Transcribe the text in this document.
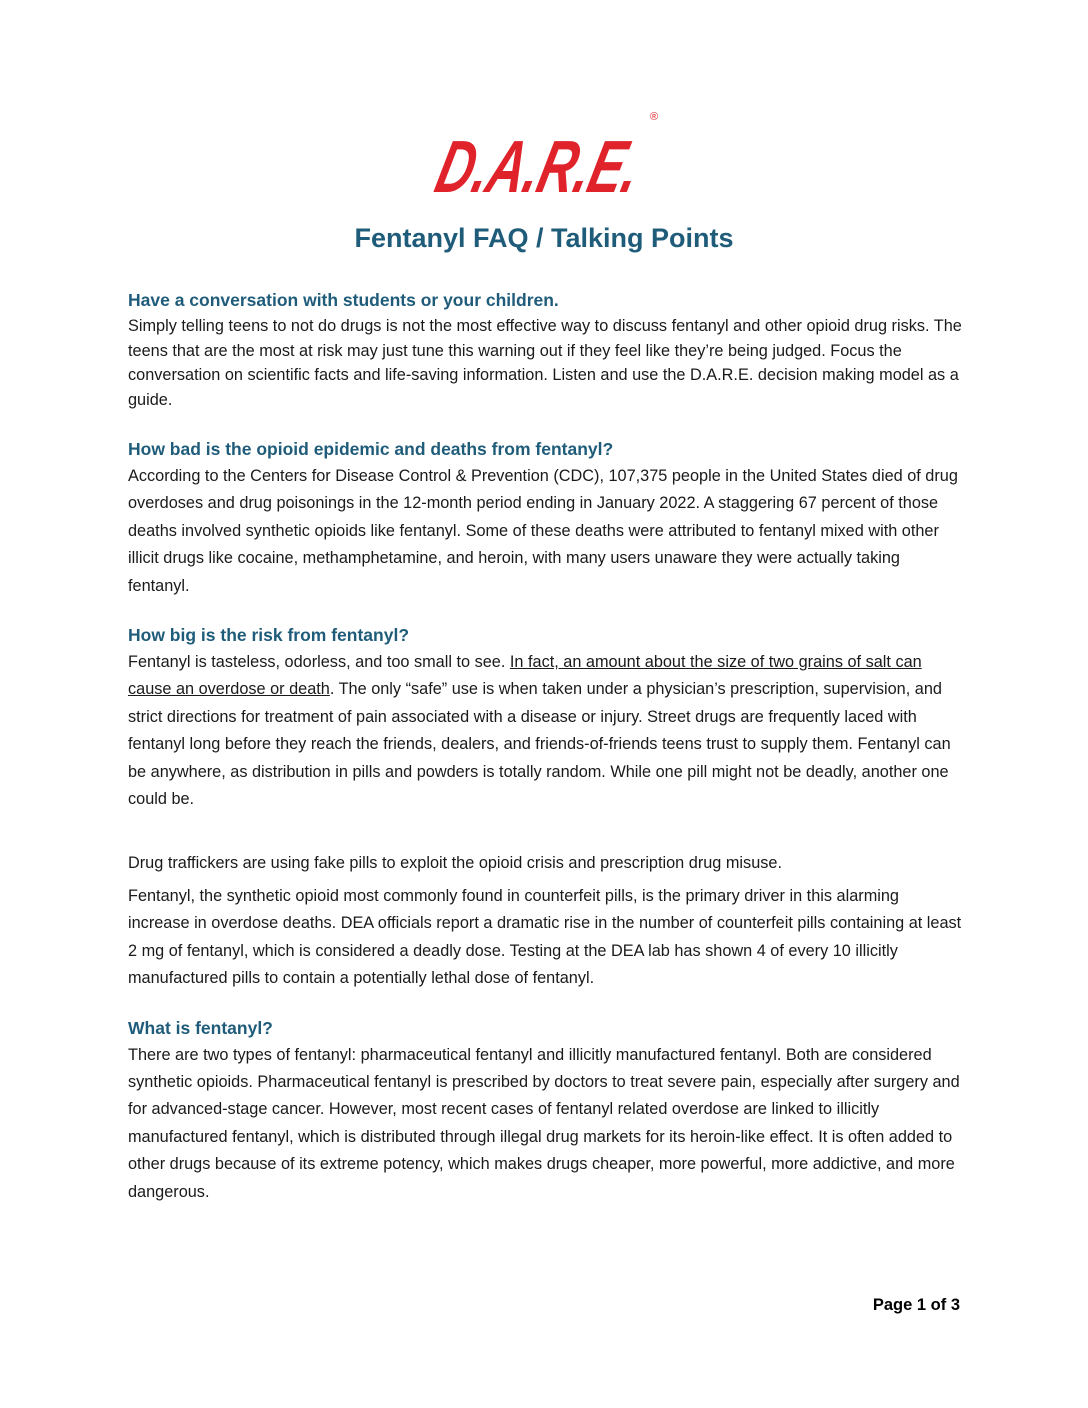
D.A.R.E.
®
Fentanyl FAQ / Talking Points
Have a conversation with students or your children.

Simply telling teens to not do drugs is not the most effective way to discuss fentanyl and other opioid drug risks. The teens that are the most at risk may just tune this warning out if they feel like they’re being judged. Focus the conversation on scientific facts and life-saving information. Listen and use the D.A.R.E. decision making model as a guide.

How bad is the opioid epidemic and deaths from fentanyl?

According to the Centers for Disease Control & Prevention (CDC), 107,375 people in the United States died of drug overdoses and drug poisonings in the 12-month period ending in January 2022. A staggering 67 percent of those deaths involved synthetic opioids like fentanyl. Some of these deaths were attributed to fentanyl mixed with other illicit drugs like cocaine, methamphetamine, and heroin, with many users unaware they were actually taking fentanyl.

How big is the risk from fentanyl?

Fentanyl is tasteless, odorless, and too small to see. In fact, an amount about the size of two grains of salt can cause an overdose or death. The only “safe” use is when taken under a physician’s prescription, supervision, and strict directions for treatment of pain associated with a disease or injury. Street drugs are frequently laced with fentanyl long before they reach the friends, dealers, and friends-of-friends teens trust to supply them. Fentanyl can be anywhere, as distribution in pills and powders is totally random. While one pill might not be deadly, another one could be.

Drug traffickers are using fake pills to exploit the opioid crisis and prescription drug misuse.

Fentanyl, the synthetic opioid most commonly found in counterfeit pills, is the primary driver in this alarming increase in overdose deaths. DEA officials report a dramatic rise in the number of counterfeit pills containing at least 2 mg of fentanyl, which is considered a deadly dose. Testing at the DEA lab has shown 4 of every 10 illicitly manufactured pills to contain a potentially lethal dose of fentanyl.

What is fentanyl?

There are two types of fentanyl: pharmaceutical fentanyl and illicitly manufactured fentanyl. Both are considered synthetic opioids. Pharmaceutical fentanyl is prescribed by doctors to treat severe pain, especially after surgery and for advanced-stage cancer. However, most recent cases of fentanyl related overdose are linked to illicitly manufactured fentanyl, which is distributed through illegal drug markets for its heroin-like effect. It is often added to other drugs because of its extreme potency, which makes drugs cheaper, more powerful, more addictive, and more dangerous.

Page 1 of 3
